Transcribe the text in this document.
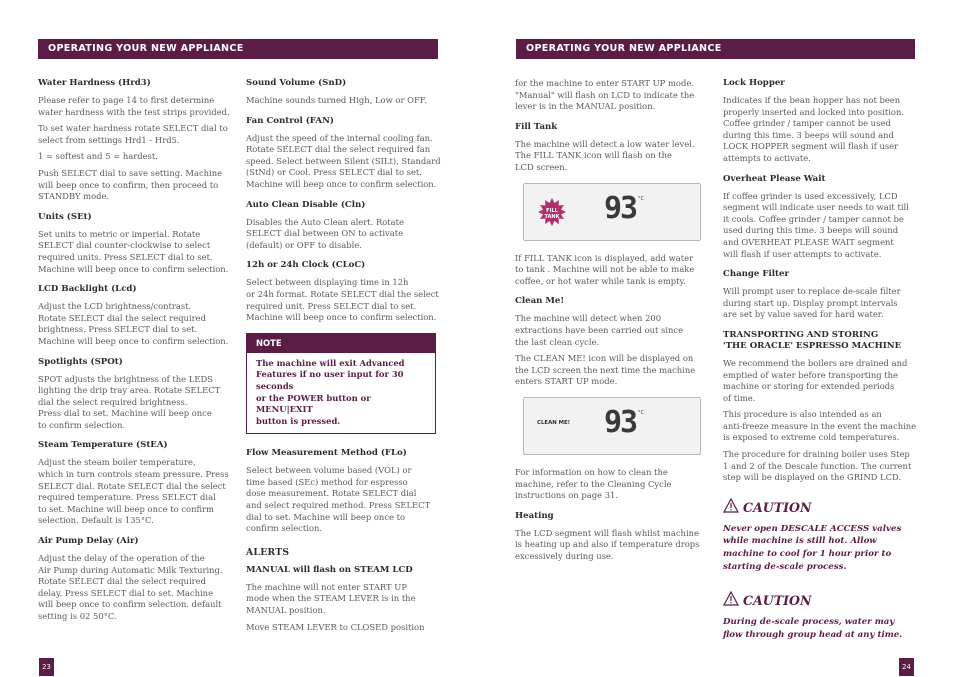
OPERATING YOUR NEW APPLIANCE
Water Hardness (Hrd3)

Please refer to page 14 to first determine
water hardness with the test strips provided.

To set water hardness rotate SELECT dial to
select from settings Hrd1 - Hrd5.

1 = softest and 5 = hardest.

Push SELECT dial to save setting. Machine
will beep once to confirm, then proceed to
STANDBY mode.

Units (SEt)

Set units to metric or imperial. Rotate
SELECT dial counter-clockwise to select
required units. Press SELECT dial to set.
Machine will beep once to confirm selection.

LCD Backlight (Lcd)

Adjust the LCD brightness/contrast.
Rotate SELECT dial the select required
brightness. Press SELECT dial to set.
Machine will beep once to confirm selection.

Spotlights (SPOt)

SPOT adjusts the brightness of the LEDS
lighting the drip tray area. Rotate SELECT
dial the select required brightness.
Press dial to set. Machine will beep once
to confirm selection.

Steam Temperature (StEA)

Adjust the steam boiler temperature,
which in turn controls steam pressure. Press
SELECT dial. Rotate SELECT dial the select
required temperature. Press SELECT dial
to set. Machine will beep once to confirm
selection. Default is 135°C.

Air Pump Delay (Air)

Adjust the delay of the operation of the
Air Pump during Automatic Milk Texturing.
Rotate SELECT dial the select required
delay. Press SELECT dial to set. Machine
will beep once to confirm selection. default
setting is 02 50°C.

Sound Volume (SnD)

Machine sounds turned High, Low or OFF.

Fan Control (FAN)

Adjust the speed of the internal cooling fan.
Rotate SELECT dial the select required fan
speed. Select between Silent (SILt), Standard
(StNd) or Cool. Press SELECT dial to set.
Machine will beep once to confirm selection.

Auto Clean Disable (Cln)

Disables the Auto Clean alert. Rotate
SELECT dial between ON to activate
(default) or OFF to disable.

12h or 24h Clock (CLoC)

Select between displaying time in 12h
or 24h format. Rotate SELECT dial the select
required unit. Press SELECT dial to set.
Machine will beep once to confirm selection.

NOTE
The machine will exit Advanced
Features if no user input for 30 seconds
or the POWER button or MENU|EXIT
button is pressed.
Flow Measurement Method (FLo)

Select between volume based (VOL) or
time based (SEc) method for espresso
dose measurement. Rotate SELECT dial
and select required method. Press SELECT
dial to set. Machine will beep once to
confirm selection.

ALERTS
MANUAL will flash on STEAM LCD

The machine will not enter START UP
mode when the STEAM LEVER is in the
MANUAL position.

Move STEAM LEVER to CLOSED position

23
OPERATING YOUR NEW APPLIANCE

for the machine to enter START UP mode.
"Manual" will flash on LCD to indicate the
lever is in the MANUAL position.

Fill Tank

The machine will detect a low water level.
The FILL TANK icon will flash on the
LCD screen.

FILL TANK 93 °C

If FILL TANK icon is displayed, add water
to tank . Machine will not be able to make
coffee, or hot water while tank is empty.

Clean Me!

The machine will detect when 200
extractions have been carried out since
the last clean cycle.

The CLEAN ME! icon will be displayed on
the LCD screen the next time the machine
enters START UP mode.

CLEAN ME! 93 °C

For information on how to clean the
machine, refer to the Cleaning Cycle
instructions on page 31.

Heating

The LCD segment will flash whilst machine
is heating up and also if temperature drops
excessively during use.

Lock Hopper

Indicates if the bean hopper has not been
properly inserted and locked into position.
Coffee grinder / tamper cannot be used
during this time. 3 beeps will sound and
LOCK HOPPER segment will flash if user
attempts to activate.

Overheat Please Wait

If coffee grinder is used excessively, LCD
segment will indicate user needs to wait till
it cools. Coffee grinder / tamper cannot be
used during this time. 3 beeps will sound
and OVERHEAT PLEASE WAIT segment
will flash if user attempts to activate.

Change Filter

Will prompt user to replace de-scale filter
during start up. Display prompt intervals
are set by value saved for hard water.

TRANSPORTING AND STORING
'THE ORACLE' ESPRESSO MACHINE

We recommend the boilers are drained and
emptied of water before transporting the
machine or storing for extended periods
of time.

This procedure is also intended as an
anti-freeze measure in the event the machine
is exposed to extreme cold temperatures.

The procedure for draining boiler uses Step
1 and 2 of the Descale function. The current
step will be displayed on the GRIND LCD.

CAUTION

Never open DESCALE ACCESS valves
while machine is still hot. Allow
machine to cool for 1 hour prior to
starting de-scale process.

CAUTION

During de-scale process, water may
flow through group head at any time.

24
